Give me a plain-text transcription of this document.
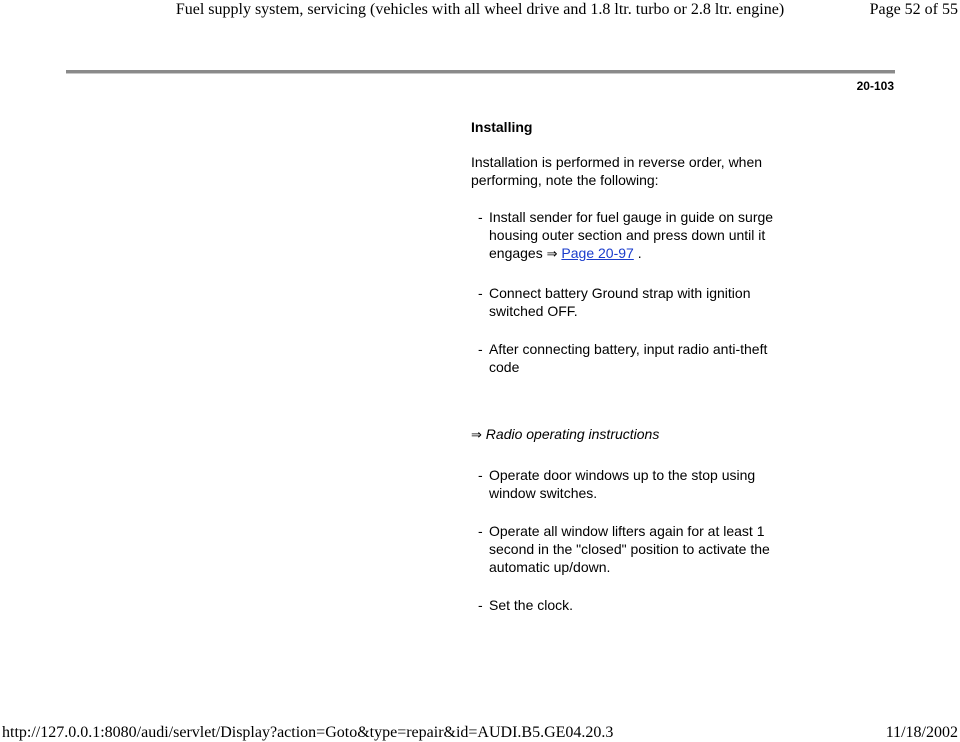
Fuel supply system, servicing (vehicles with all wheel drive and 1.8 ltr. turbo or 2.8 ltr. engine)	Page 52 of 55
20-103
Installing
Installation is performed in reverse order, when performing, note the following:
- Install sender for fuel gauge in guide on surge housing outer section and press down until it engages ⇒ Page 20-97 .
- Connect battery Ground strap with ignition switched OFF.
- After connecting battery, input radio anti-theft code
⇒ Radio operating instructions
- Operate door windows up to the stop using window switches.
- Operate all window lifters again for at least 1 second in the "closed" position to activate the automatic up/down.
- Set the clock.
http://127.0.0.1:8080/audi/servlet/Display?action=Goto&type=repair&id=AUDI.B5.GE04.20.3	11/18/2002
